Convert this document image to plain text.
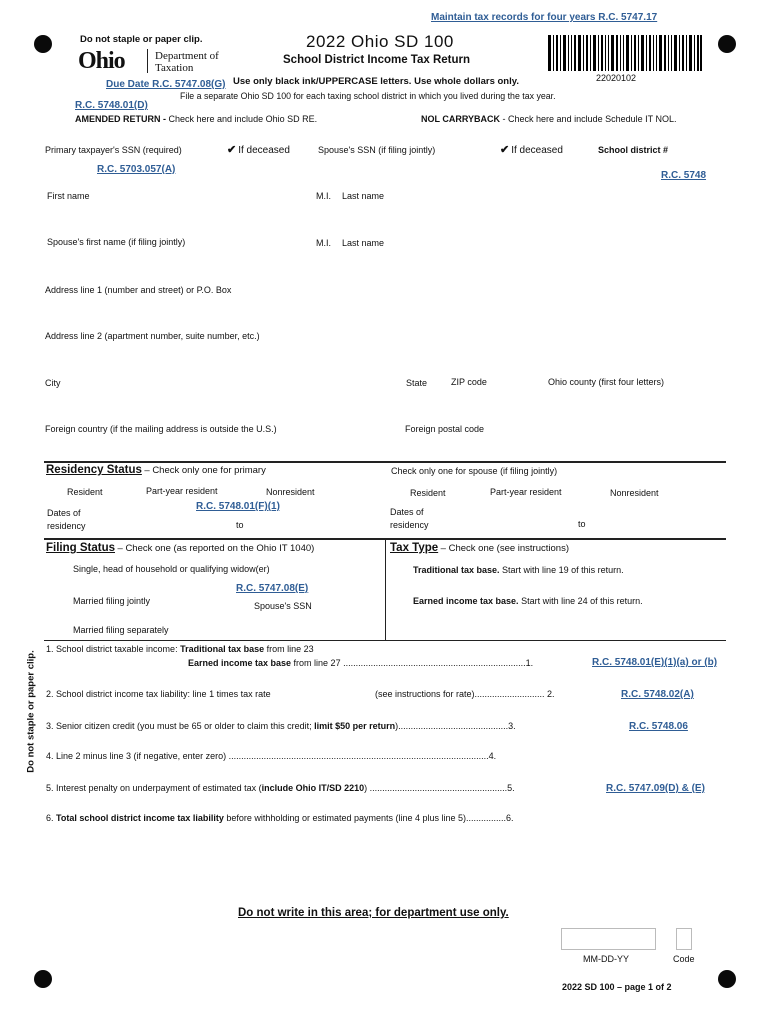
Maintain tax records for four years R.C. 5747.17
Do not staple or paper clip.
Ohio	Department of
Taxation
2022 Ohio SD 100
School District Income Tax Return
22020102
Due Date R.C. 5747.08(G) Use only black ink/UPPERCASE letters. Use whole dollars only.
File a separate Ohio SD 100 for each taxing school district in which you lived during the tax year.
R.C. 5748.01(D)
AMENDED RETURN - Check here and include Ohio SD RE.	NOL CARRYBACK - Check here and include Schedule IT NOL.
Primary taxpayer's SSN (required)	✔ If deceased	Spouse's SSN (if filing jointly)	✔ If deceased	School district #
R.C. 5703.057(A)
R.C. 5748
First name	M.I. Last name
Spouse's first name (if filing jointly)	M.I. Last name
Address line 1 (number and street) or P.O. Box
Address line 2 (apartment number, suite number, etc.)
City	State	ZIP code	Ohio county (first four letters)
Foreign country (if the mailing address is outside the U.S.)	Foreign postal code
Residency Status – Check only one for primary	Check only one for spouse (if filing jointly)
Resident	Part-year resident	Nonresident	Resident	Part-year resident	Nonresident
R.C. 5748.01(F)(1)
Dates of
residency	to
Dates of
residency	to
Filing Status – Check one (as reported on the Ohio IT 1040)
Single, head of household or qualifying widow(er)
R.C. 5747.08(E)
Married filing jointly	Spouse's SSN
Married filing separately
Tax Type – Check one (see instructions)
Traditional tax base. Start with line 19 of this return.
Earned income tax base. Start with line 24 of this return.
Do not staple or paper clip.
1. School district taxable income: Traditional tax base from line 23
Earned income tax base from line 27 .........................................................................1.	R.C. 5748.01(E)(1)(a) or (b)
2. School district income tax liability: line 1 times tax rate	(see instructions for rate)............................ 2.	R.C. 5748.02(A)
3. Senior citizen credit (you must be 65 or older to claim this credit; limit $50 per return)............................................3.	R.C. 5748.06
4. Line 2 minus line 3 (if negative, enter zero) ........................................................................................................4.
5. Interest penalty on underpayment of estimated tax (include Ohio IT/SD 2210) .......................................................5.	R.C. 5747.09(D) & (E)
6. Total school district income tax liability before withholding or estimated payments (line 4 plus line 5)................6.
Do not write in this area; for department use only.
MM-DD-YY	Code
2022 SD 100 – page 1 of 2
